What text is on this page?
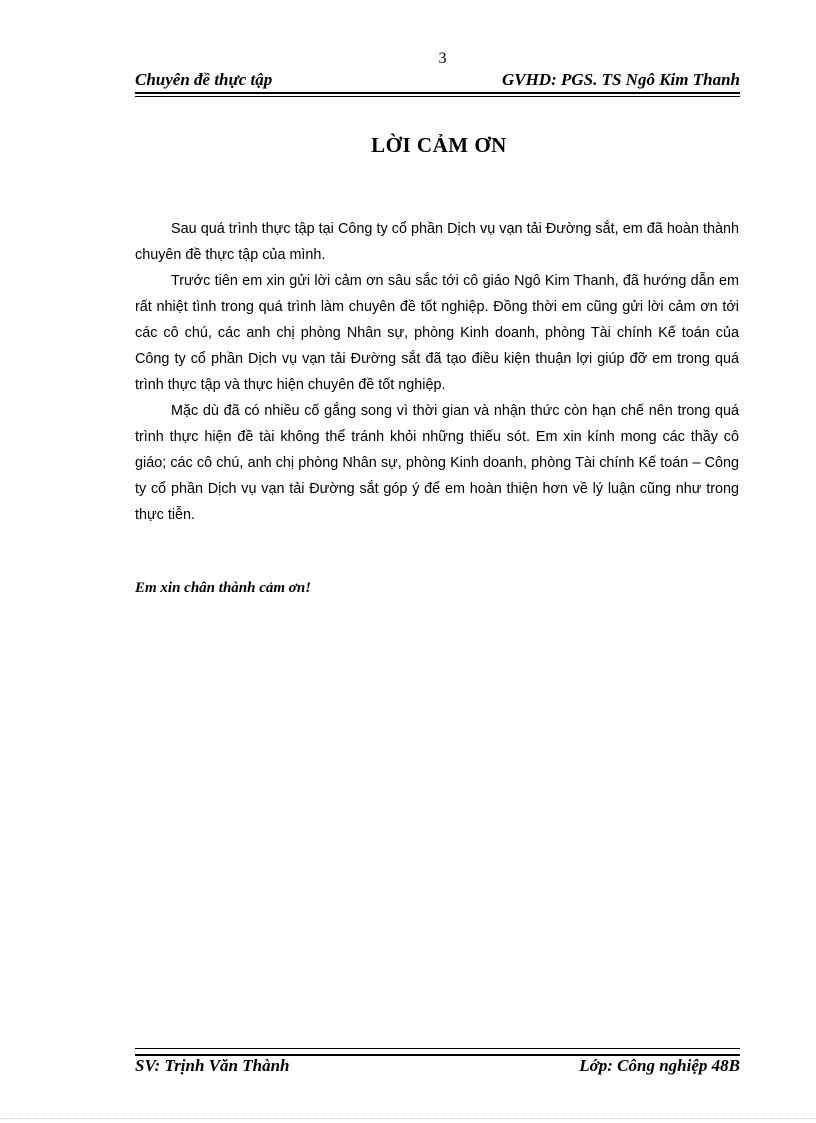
3
Chuyên đề thực tập	GVHD: PGS. TS Ngô Kim Thanh
LỜI CẢM ƠN

Sau quá trình thực tập tại Công ty cổ phần Dịch vụ vạn tải Đường sắt, em đã hoàn thành chuyên đề thực tập của mình.

Trước tiên em xin gửi lời cảm ơn sâu sắc tới cô giáo Ngô Kim Thanh, đã hướng dẫn em rất nhiệt tình trong quá trình làm chuyên đề tốt nghiệp. Đồng thời em cũng gửi lời cảm ơn tới các cô chú, các anh chị phòng Nhân sự, phòng Kinh doanh, phòng Tài chính Kế toán của Công ty cổ phần Dịch vụ vạn tải Đường sắt đã tạo điều kiện thuận lợi giúp đỡ em trong quá trình thực tập và thực hiện chuyên đề tốt nghiệp.

Mặc dù đã có nhiều cố gắng song vì thời gian và nhận thức còn hạn chế nên trong quá trình thực hiện đề tài không thể tránh khỏi những thiếu sót. Em xin kính mong các thầy cô giáo; các cô chú, anh chị phòng Nhân sự, phòng Kinh doanh, phòng Tài chính Kế toán – Công ty cổ phần Dịch vụ vạn tải Đường sắt góp ý để em hoàn thiện hơn về lý luận cũng như trong thực tiễn.

Em xin chân thành cảm ơn!
SV: Trịnh Văn Thành	Lớp: Công nghiệp 48B
